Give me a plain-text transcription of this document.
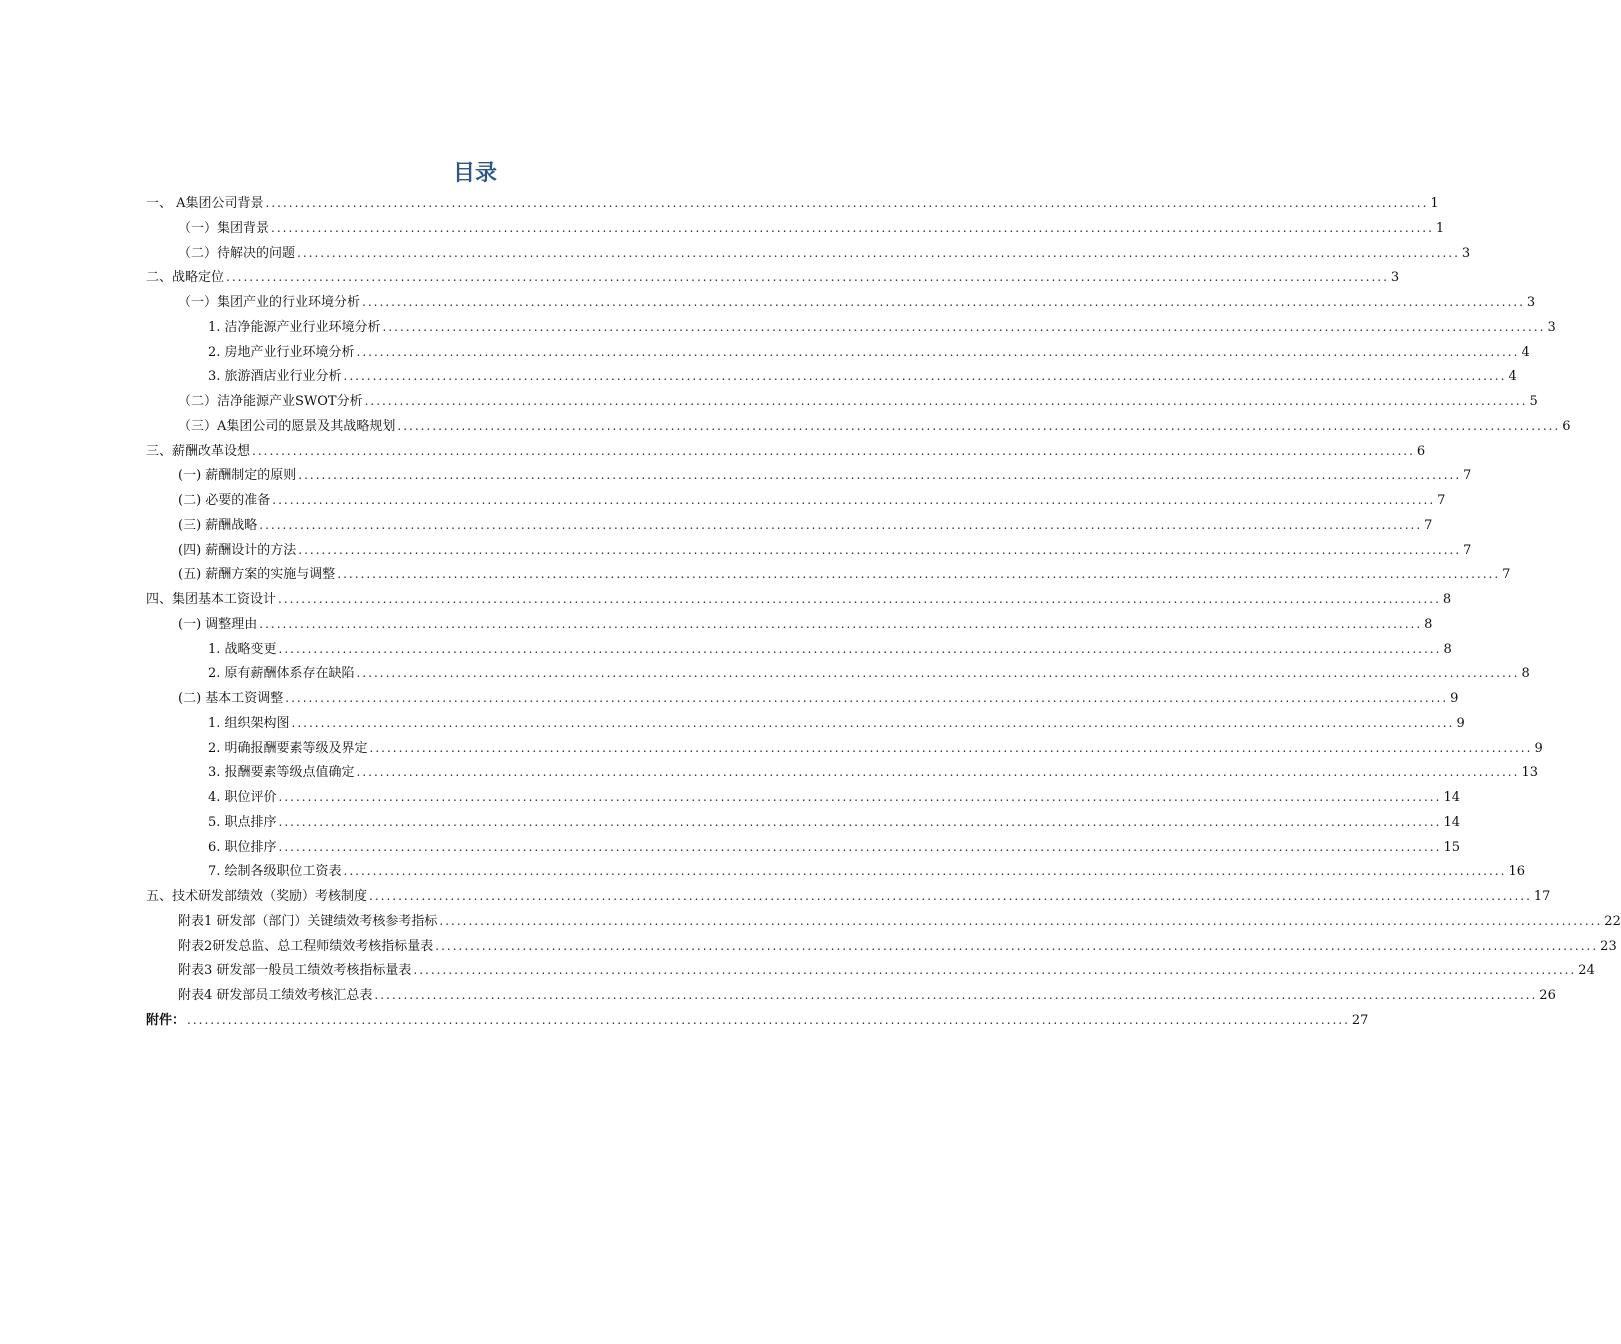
目录
一、 A集团公司背景 ........................................................................................................................................................................................................ 1
（一）集团背景 ........................................................................................................................................................................................................ 1
（二）待解决的问题 ........................................................................................................................................................................................................ 3
二、战略定位 ........................................................................................................................................................................................................ 3
（一）集团产业的行业环境分析 ........................................................................................................................................................................................................ 3
1. 洁净能源产业行业环境分析 ........................................................................................................................................................................................................ 3
2. 房地产业行业环境分析 ........................................................................................................................................................................................................ 4
3. 旅游酒店业行业分析 ........................................................................................................................................................................................................ 4
（二）洁净能源产业SWOT分析 ........................................................................................................................................................................................................ 5
（三）A集团公司的愿景及其战略规划 ........................................................................................................................................................................................................ 6
三、薪酬改革设想 ........................................................................................................................................................................................................ 6
(一) 薪酬制定的原则 ........................................................................................................................................................................................................ 7
(二) 必要的准备 ........................................................................................................................................................................................................ 7
(三) 薪酬战略 ........................................................................................................................................................................................................ 7
(四) 薪酬设计的方法 ........................................................................................................................................................................................................ 7
(五) 薪酬方案的实施与调整 ........................................................................................................................................................................................................ 7
四、集团基本工资设计 ........................................................................................................................................................................................................ 8
(一) 调整理由 ........................................................................................................................................................................................................ 8
1. 战略变更 ........................................................................................................................................................................................................ 8
2. 原有薪酬体系存在缺陷 ........................................................................................................................................................................................................ 8
(二) 基本工资调整 ........................................................................................................................................................................................................ 9
1. 组织架构图 ........................................................................................................................................................................................................ 9
2. 明确报酬要素等级及界定 ........................................................................................................................................................................................................ 9
3. 报酬要素等级点值确定 ........................................................................................................................................................................................................ 13
4. 职位评价 ........................................................................................................................................................................................................ 14
5. 职点排序 ........................................................................................................................................................................................................ 14
6. 职位排序 ........................................................................................................................................................................................................ 15
7. 绘制各级职位工资表 ........................................................................................................................................................................................................ 16
五、技术研发部绩效（奖励）考核制度 ........................................................................................................................................................................................................ 17
附表1 研发部（部门）关键绩效考核参考指标 ........................................................................................................................................................................................................ 22
附表2研发总监、总工程师绩效考核指标量表 ........................................................................................................................................................................................................ 23
附表3 研发部一般员工绩效考核指标量表 ........................................................................................................................................................................................................ 24
附表4 研发部员工绩效考核汇总表 ........................................................................................................................................................................................................ 26
附件： ........................................................................................................................................................................................................ 27
